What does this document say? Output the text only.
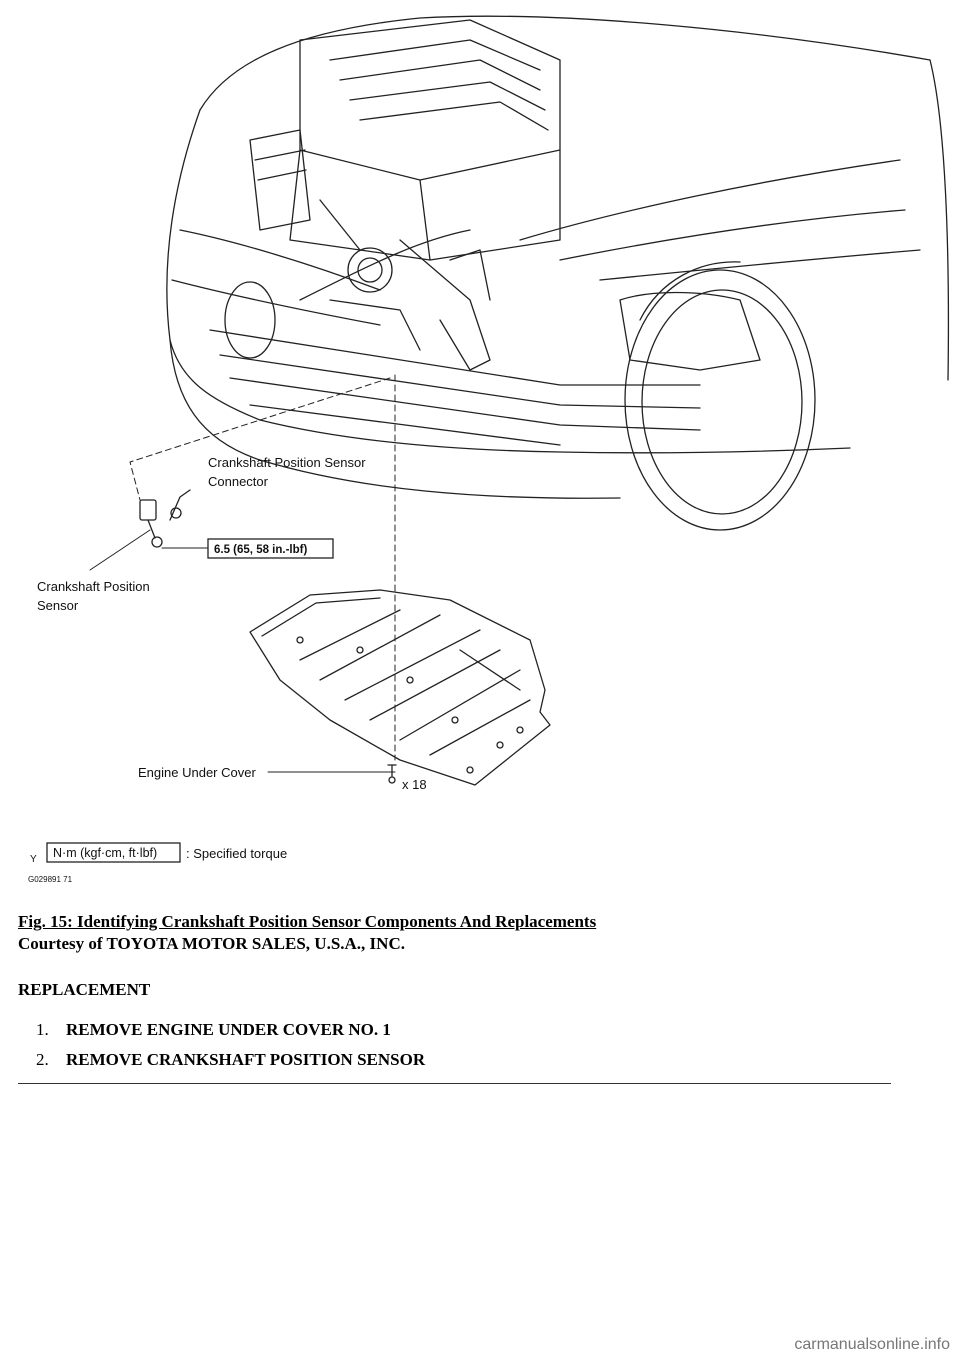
Crankshaft Position Sensor
Connector
6.5 (65, 58 in.-lbf)
Crankshaft Position
Sensor
Engine Under Cover
x 18
N·m (kgf·cm, ft·lbf) : Specified torque
Y
G029891 71
Fig. 15: Identifying Crankshaft Position Sensor Components And Replacements
Courtesy of TOYOTA MOTOR SALES, U.S.A., INC.
REPLACEMENT
1. REMOVE ENGINE UNDER COVER NO. 1
2. REMOVE CRANKSHAFT POSITION SENSOR
carmanualsonline.info
